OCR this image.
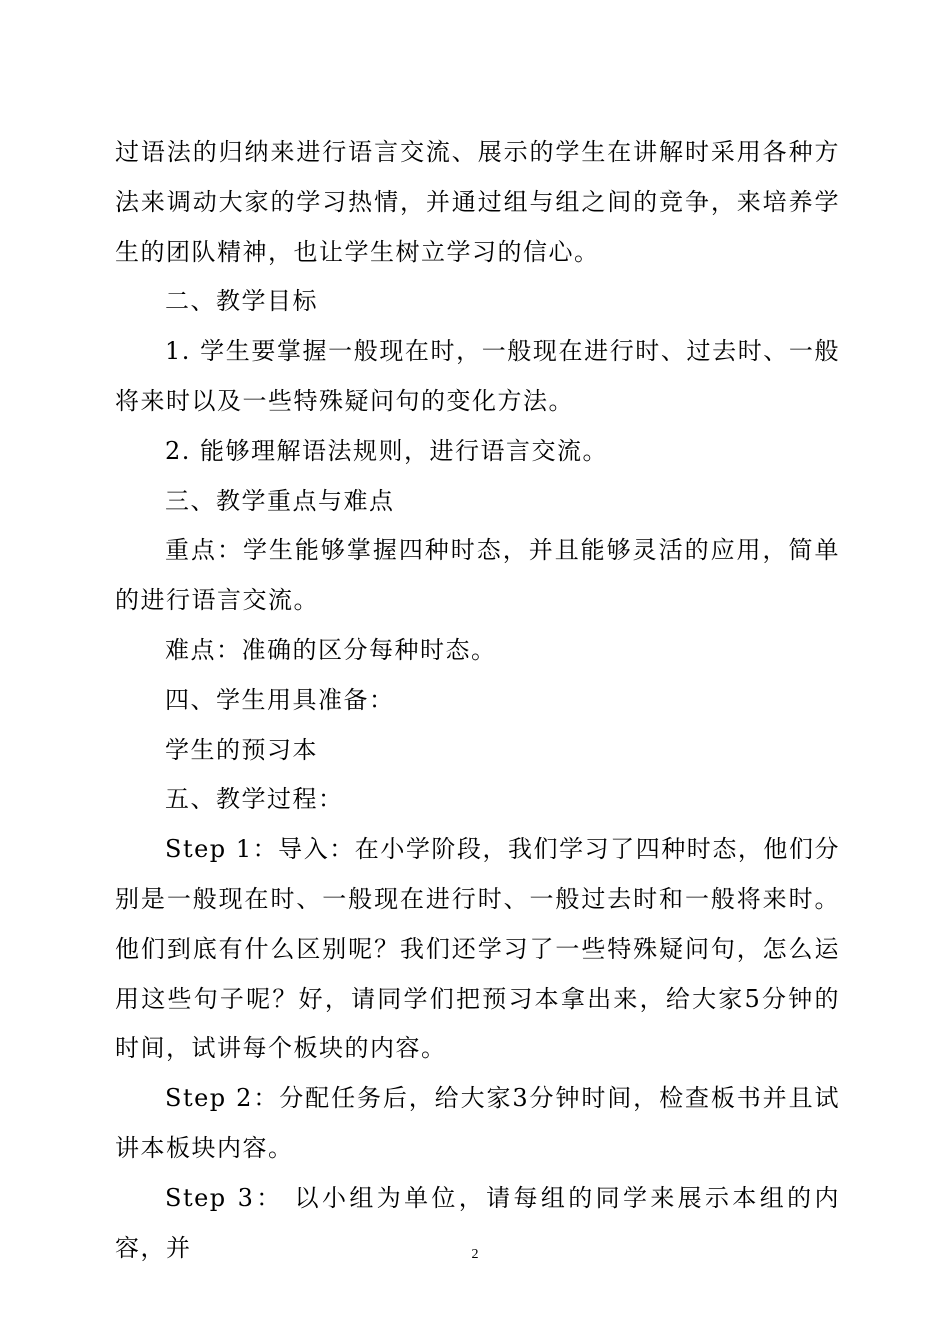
过语法的归纳来进行语言交流、展示的学生在讲解时采用各种方法来调动大家的学习热情，并通过组与组之间的竞争，来培养学生的团队精神，也让学生树立学习的信心。

二、教学目标

1. 学生要掌握一般现在时，一般现在进行时、过去时、一般将来时以及一些特殊疑问句的变化方法。

2. 能够理解语法规则，进行语言交流。

三、教学重点与难点

重点：学生能够掌握四种时态，并且能够灵活的应用，简单的进行语言交流。

难点：准确的区分每种时态。

四、学生用具准备：

学生的预习本

五、教学过程：

Step 1：导入：在小学阶段，我们学习了四种时态，他们分别是一般现在时、一般现在进行时、一般过去时和一般将来时。他们到底有什么区别呢？我们还学习了一些特殊疑问句，怎么运用这些句子呢？好，请同学们把预习本拿出来，给大家5分钟的时间，试讲每个板块的内容。

Step 2：分配任务后，给大家3分钟时间，检查板书并且试讲本板块内容。

Step 3： 以小组为单位，请每组的同学来展示本组的内容，并	2
